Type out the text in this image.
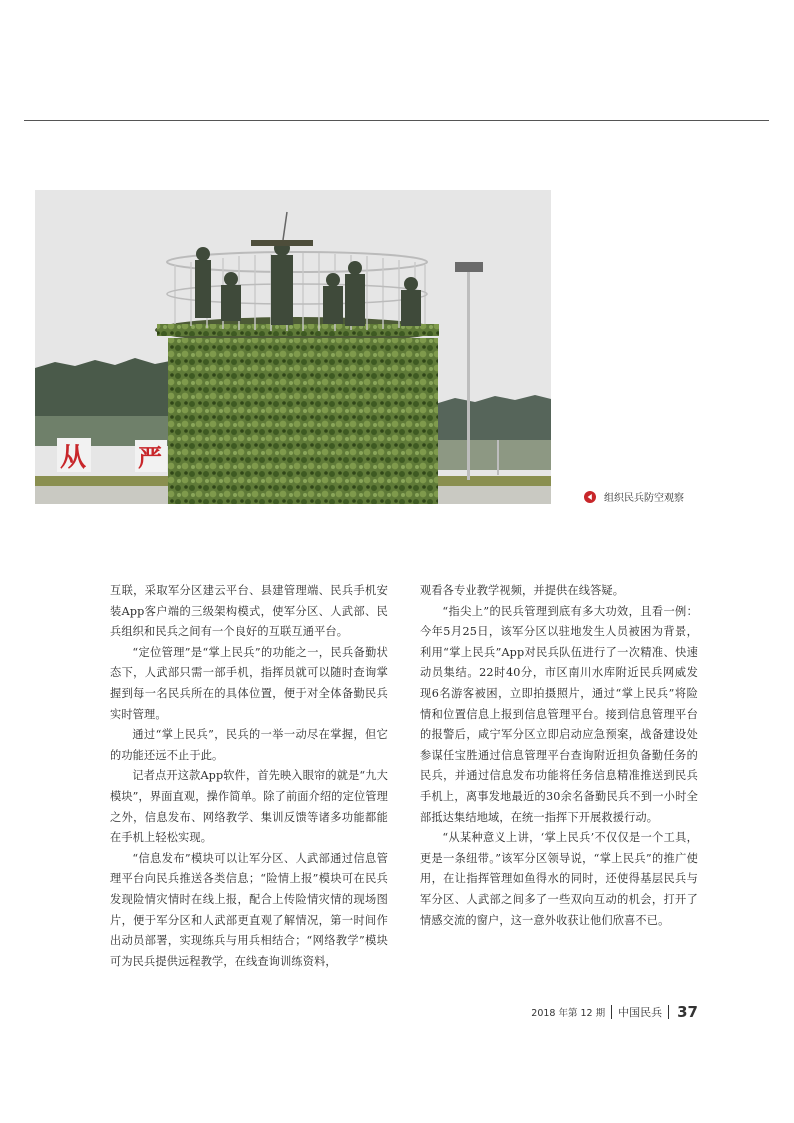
从 严
组织民兵防空观察

互联，采取军分区建云平台、县建管理端、民兵手机安装App客户端的三级架构模式，使军分区、人武部、民兵组织和民兵之间有一个良好的互联互通平台。

“定位管理”是“掌上民兵”的功能之一，民兵备勤状态下，人武部只需一部手机，指挥员就可以随时查询掌握到每一名民兵所在的具体位置，便于对全体备勤民兵实时管理。

通过“掌上民兵”，民兵的一举一动尽在掌握，但它的功能还远不止于此。

记者点开这款App软件，首先映入眼帘的就是“九大模块”，界面直观，操作简单。除了前面介绍的定位管理之外，信息发布、网络教学、集训反馈等诸多功能都能在手机上轻松实现。

“信息发布”模块可以让军分区、人武部通过信息管理平台向民兵推送各类信息；“险情上报”模块可在民兵发现险情灾情时在线上报，配合上传险情灾情的现场图片，便于军分区和人武部更直观了解情况，第一时间作出动员部署，实现练兵与用兵相结合；“网络教学”模块可为民兵提供远程教学，在线查询训练资料，

观看各专业教学视频，并提供在线答疑。

“指尖上”的民兵管理到底有多大功效，且看一例：今年5月25日，该军分区以驻地发生人员被困为背景，利用“掌上民兵”App对民兵队伍进行了一次精准、快速动员集结。22时40分，市区南川水库附近民兵网威发现6名游客被困，立即拍摄照片，通过“掌上民兵”将险情和位置信息上报到信息管理平台。接到信息管理平台的报警后，咸宁军分区立即启动应急预案，战备建设处参谋任宝胜通过信息管理平台查询附近担负备勤任务的民兵，并通过信息发布功能将任务信息精准推送到民兵手机上，离事发地最近的30余名备勤民兵不到一小时全部抵达集结地域，在统一指挥下开展救援行动。

“从某种意义上讲，‘掌上民兵’不仅仅是一个工具，更是一条纽带。”该军分区领导说，“掌上民兵”的推广使用，在让指挥管理如鱼得水的同时，还使得基层民兵与军分区、人武部之间多了一些双向互动的机会，打开了情感交流的窗户，这一意外收获让他们欣喜不已。

2018 年第 12 期 中国民兵 37
